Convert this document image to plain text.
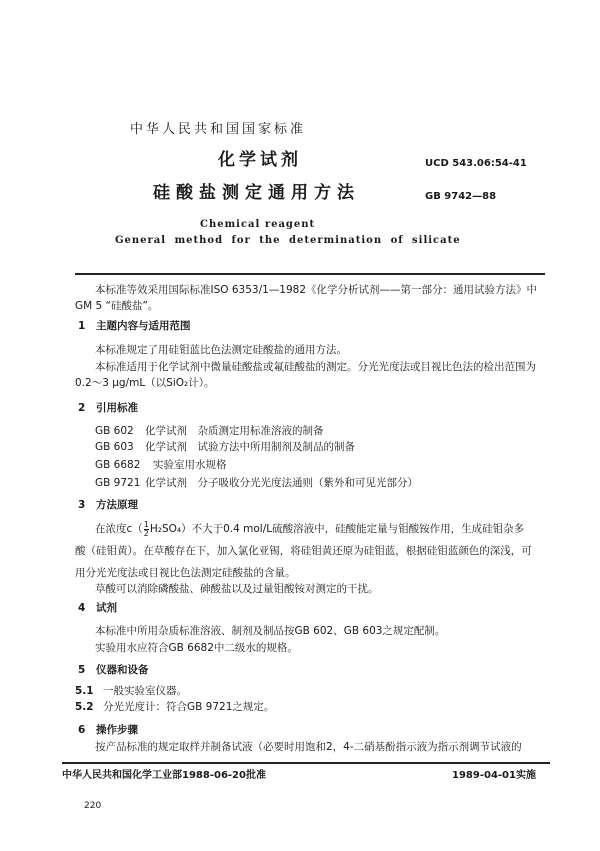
中华人民共和国国家标准
化学试剂
硅酸盐测定通用方法
UCD 543.06:54-41
GB 9742—88
Chemical reagent
General method for the determination of silicate
本标准等效采用国际标准ISO 6353/1—1982《化学分析试剂——第一部分：通用试验方法》中
GM 5 “硅酸盐”。
1 主题内容与适用范围
本标准规定了用硅钼蓝比色法测定硅酸盐的通用方法。
本标准适用于化学试剂中微量硅酸盐或氟硅酸盐的测定。分光光度法或目视比色法的检出范围为
0.2～3 μg/mL（以SiO₂计）。
2 引用标准
GB 602 化学试剂　杂质测定用标准溶液的制备
GB 603 化学试剂　试验方法中所用制剂及制品的制备
GB 6682 实验室用水规格
GB 9721 化学试剂　分子吸收分光光度法通则（紫外和可见光部分）
3 方法原理
在浓度$c( \frac{1}{2} H_2SO_4)$不大于0.4 mol/L硫酸溶液中，硅酸能定量与钼酸铵作用，生成硅钼杂多
酸（硅钼黄）。在草酸存在下，加入氯化亚锡，将硅钼黄还原为硅钼蓝，根据硅钼蓝颜色的深浅，可
用分光光度法或目视比色法测定硅酸盐的含量。
草酸可以消除磷酸盐、砷酸盐以及过量钼酸铵对测定的干扰。
4 试剂
本标准中所用杂质标准溶液、制剂及制品按GB 602、GB 603之规定配制。
实验用水应符合GB 6682中二级水的规格。
5 仪器和设备
5.1 一般实验室仪器。
5.2 分光光度计：符合GB 9721之规定。
6 操作步骤
按产品标准的规定取样并制备试液（必要时用饱和2，4-二硝基酚指示液为指示剂调节试液的
中华人民共和国化学工业部1988-06-20批准	1989-04-01实施
220
